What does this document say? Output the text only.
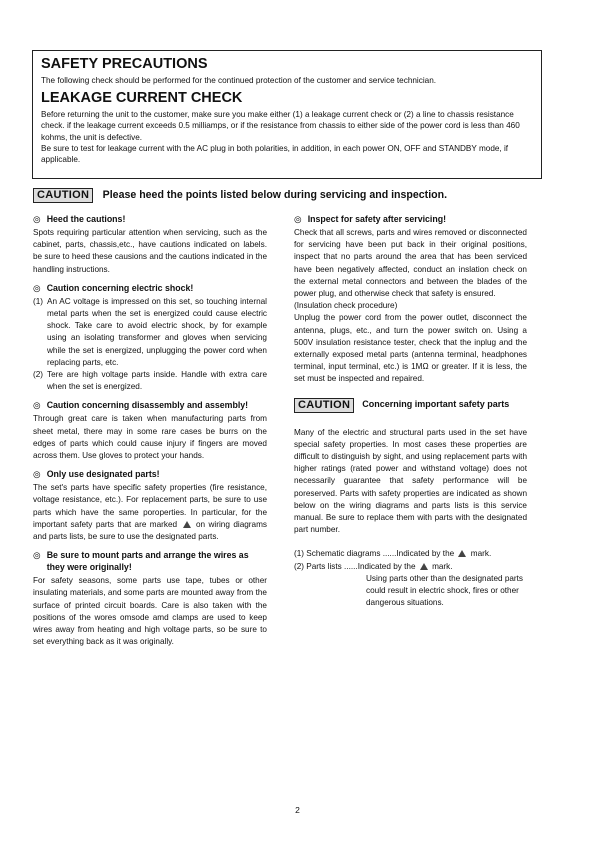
SAFETY PRECAUTIONS

The following check should be performed for the continued protection of the customer and service technician.

LEAKAGE CURRENT CHECK

Before returning the unit to the customer, make sure you make either (1) a leakage current check or (2) a line to chassis resistance check. if the leakage current exceeds 0.5 milliamps, or if the resistance from chassis to either side of the power cord is less than 460 kohms, the unit is defective.

Be sure to test for leakage current with the AC plug in both polarities, in addition, in each power ON, OFF and STANDBY mode, if applicable.

CAUTION Please heed the points listed below during servicing and inspection.
◎ Heed the cautions!

Spots requiring particular attention when servicing, such as the cabinet, parts, chassis,etc., have cautions indicated on labels. be sure to heed these causions and the cautions indicated in the handling instructions.

◎ Caution concerning electric shock!
(1) An AC voltage is impressed on this set, so touching internal metal parts when the set is energized could cause electric shock. Take care to avoid electric shock, by for example using an isolating transformer and gloves when servicing while the set is energized, unplugging the power cord when replacing parts, etc.
(2) Tere are high voltage parts inside. Handle with extra care when the set is energized.
◎ Caution concerning disassembly and assembly!

Through great care is taken when manufacturing parts from sheet metal, there may in some rare cases be burrs on the edges of parts which could cause injury if fingers are moved across them. Use gloves to protect your hands.

◎ Only use designated parts!

The set's parts have specific safety properties (fire resistance, voltage resistance, etc.). For replacement parts, be sure to use parts which have the same poroperties. In particular, for the important safety parts that are marked on wiring diagrams and parts lists, be sure to use the designated parts.

◎ Be sure to mount parts and arrange the wires as they were originally!

For safety seasons, some parts use tape, tubes or other insulating materials, and some parts are mounted away from the surface of printed circuit boards. Care is also taken with the positions of the wores omsode amd clamps are used to keep wires away from heating and high voltage parts, so be sure to set everything back as it was originally.

◎ Inspect for safety after servicing!

Check that all screws, parts and wires removed or disconnected for servicing have been put back in their original positions, inspect that no parts around the area that has been serviced have been negatively affected, conduct an inslation check on the external metal connectors and between the blades of the power plug, and otherwise check that safety is ensured.

(Insulation check procedure)

Unplug the power cord from the power outlet, disconnect the antenna, plugs, etc., and turn the power switch on. Using a 500V insulation resistance tester, check that the inplug and the externally exposed metal parts (antenna terminal, headphones terminal, input terminal, etc.) is 1MΩ or greater. If it is less, the set must be inspected and repaired.

CAUTION	Concerning important safety parts

Many of the electric and structural parts used in the set have special safety properties. In most cases these properties are difficult to distinguish by sight, and using replacement parts with higher ratings (rated power and withstand voltage) does not necessarily guarantee that safety performance will be poreserved. Parts with safety properties are indicated as shown below on the wiring diagrams and parts lists is this service manual. Be sure to replace them with parts with the designated part number.

(1) Schematic diagrams ......Indicated by the mark.

(2) Parts lists ......Indicated by the mark.

Using parts other than the designated parts could result in electric shock, fires or other dangerous situations.

2
